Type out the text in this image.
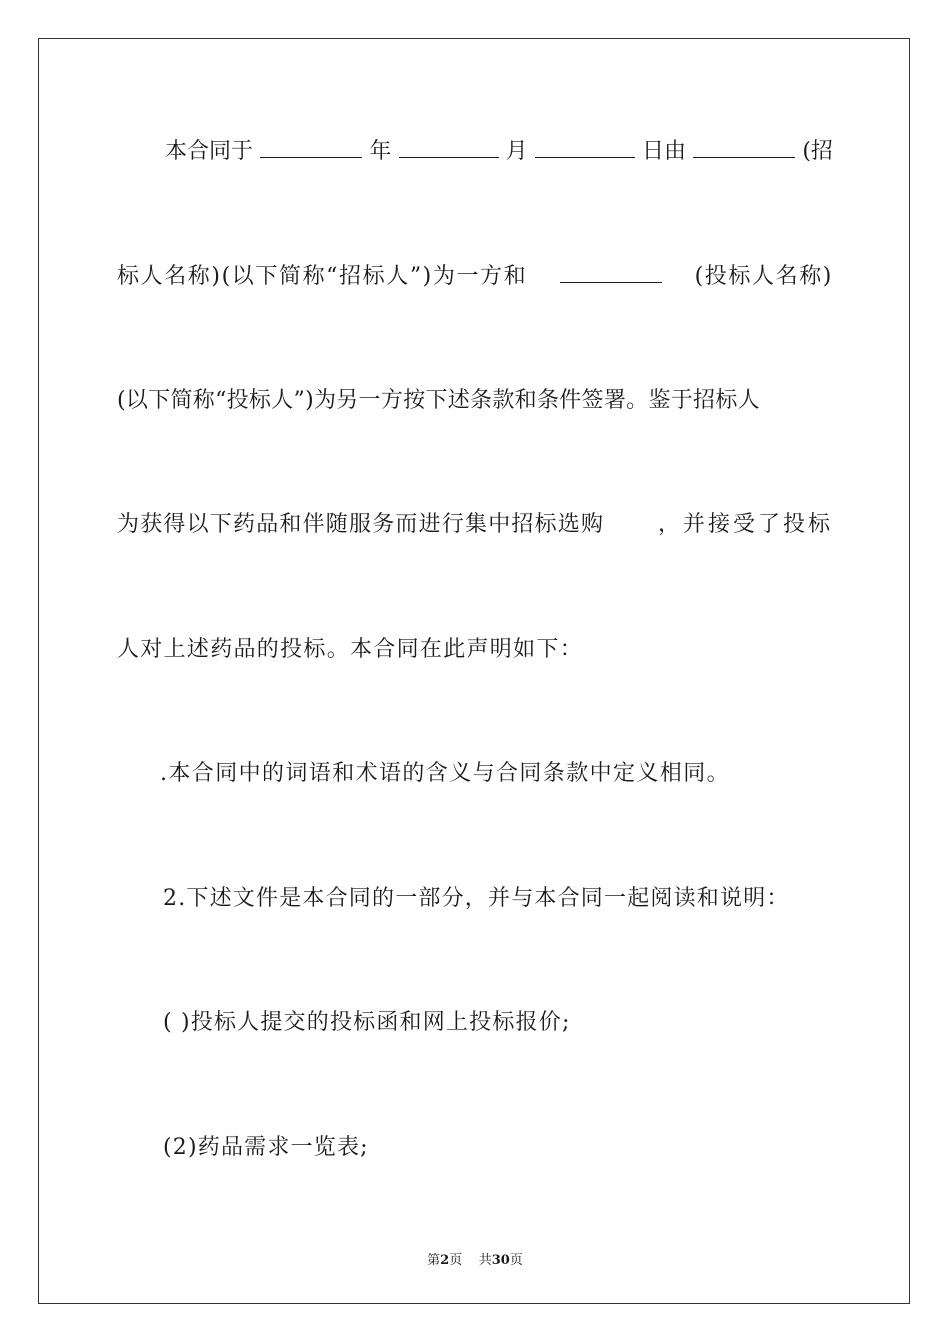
本合同于	年	月	日由	(招
标人名称)(以下简称“招标人”)为一方和	(投标人名称)
(以下简称“投标人”)为另一方按下述条款和条件签署。鉴于招标人
为获得以下药品和伴随服务而进行集中招标选购 ，并接受了投标
人对上述药品的投标。本合同在此声明如下：
.本合同中的词语和术语的含义与合同条款中定义相同。
2.下述文件是本合同的一部分，并与本合同一起阅读和说明：
( )投标人提交的投标函和网上投标报价;
(2)药品需求一览表;
第2页 共30页
